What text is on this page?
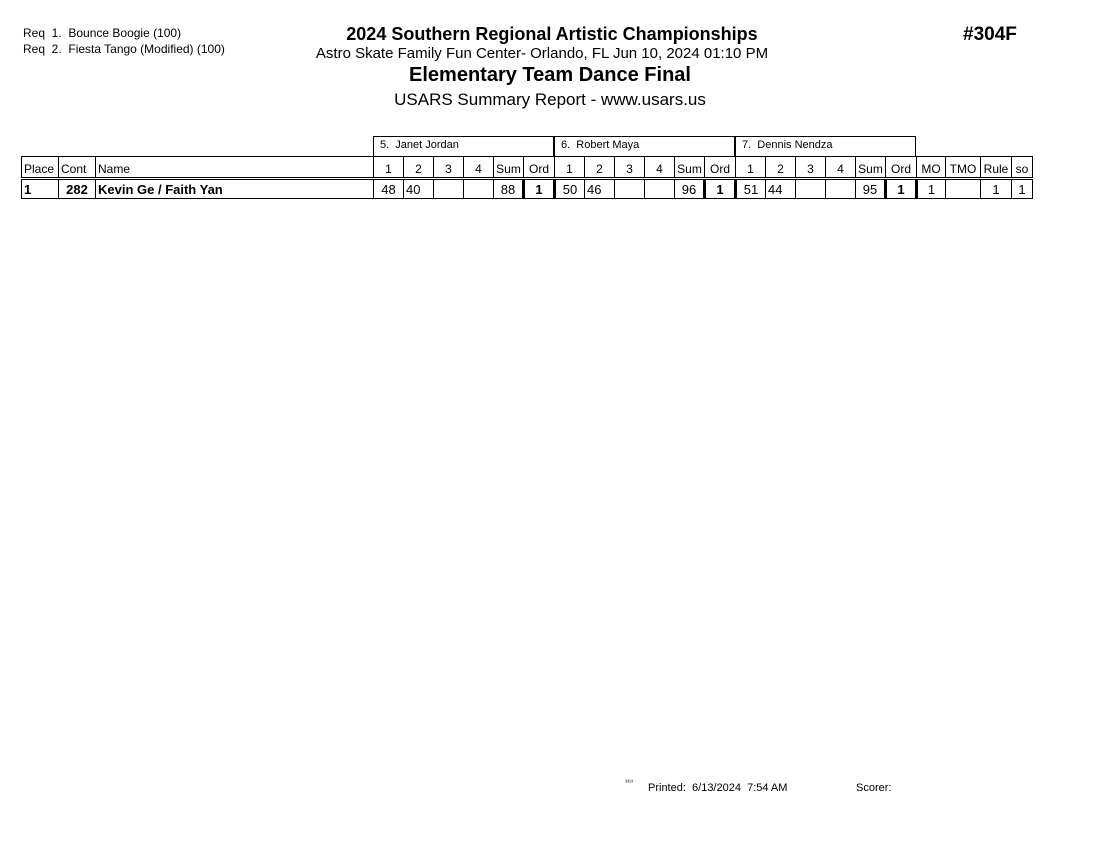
Req  1.  Bounce Boogie (100)
Req  2.  Fiesta Tango (Modified) (100)
2024 Southern Regional Artistic Championships
Astro Skate Family Fun Center- Orlando, FL Jun 10, 2024 01:10 PM
Elementary Team Dance Final
USARS Summary Report - www.usars.us
#304F
5.  Janet Jordan	6.  Robert Maya	7.  Dennis Nendza
Place	Cont	Name	1	2	3	4	Sum	Ord	1	2	3	4	Sum	Ord	1	2	3	4	Sum	Ord	MO	TMO	Rule	so
1	282	Kevin Ge / Faith Yan	48	40			88	1	50	46			96	1	51	44			95	1	1		1	1
³³¹⁵ Printed:  6/13/2024  7:54 AM	Scorer:
